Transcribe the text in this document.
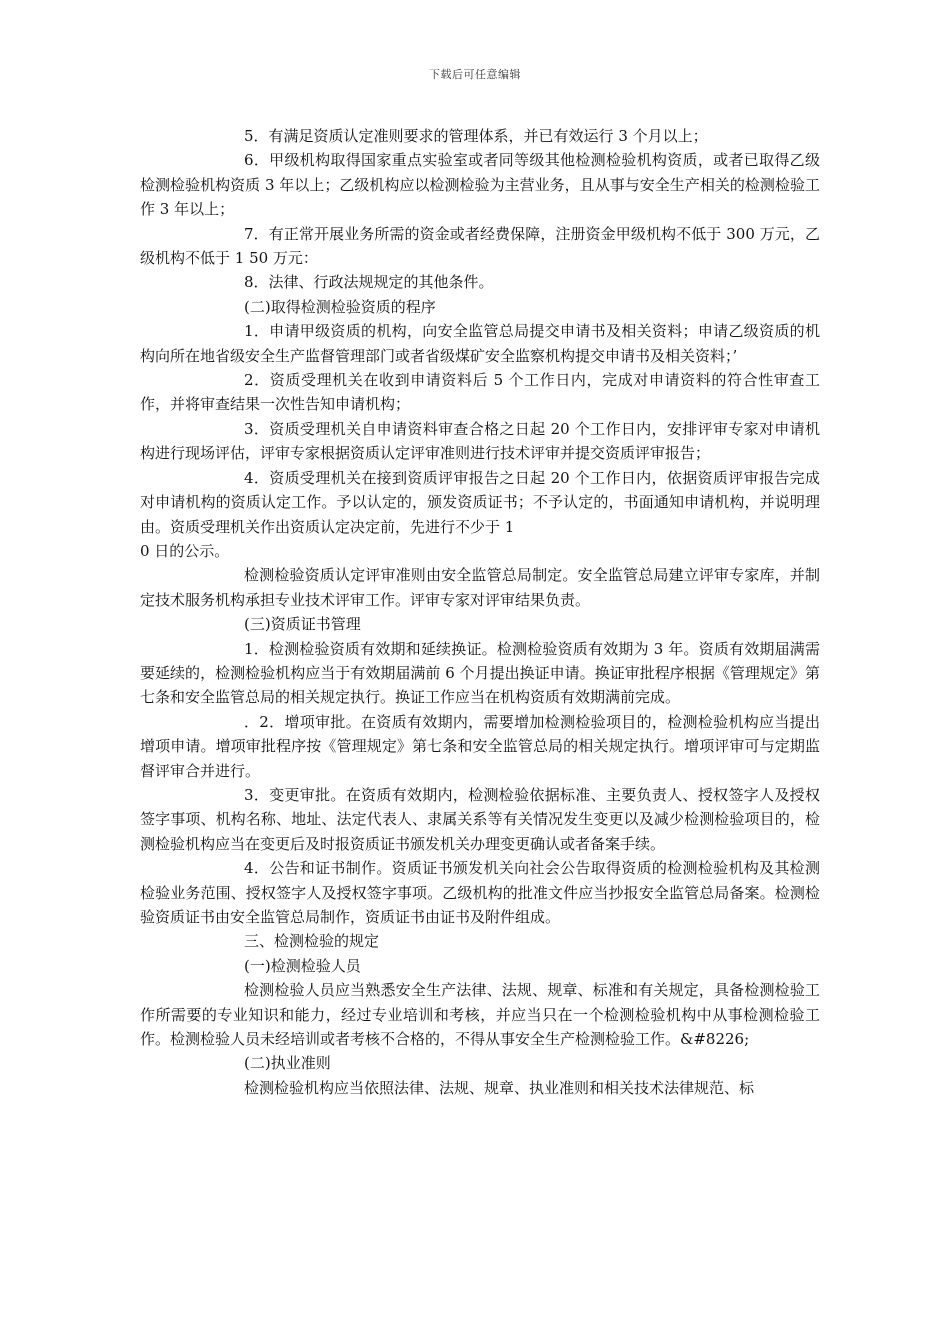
下载后可任意编辑

5．有满足资质认定准则要求的管理体系，并已有效运行 3 个月以上；

6．甲级机构取得国家重点实验室或者同等级其他检测检验机构资质，或者已取得乙级检测检验机构资质 3 年以上；乙级机构应以检测检验为主营业务，且从事与安全生产相关的检测检验工作 3 年以上；

7．有正常开展业务所需的资金或者经费保障，注册资金甲级机构不低于 300 万元，乙级机构不低于 1 50 万元：

8．法律、行政法规规定的其他条件。

(二)取得检测检验资质的程序

1．申请甲级资质的机构，向安全监管总局提交申请书及相关资料；申请乙级资质的机构向所在地省级安全生产监督管理部门或者省级煤矿安全监察机构提交申请书及相关资料；’

2．资质受理机关在收到申请资料后 5 个工作日内，完成对申请资料的符合性审查工作，并将审查结果一次性告知申请机构；

3．资质受理机关自申请资料审查合格之日起 20 个工作日内，安排评审专家对申请机构进行现场评估，评审专家根据资质认定评审准则进行技术评审并提交资质评审报告；

4．资质受理机关在接到资质评审报告之日起 20 个工作日内，依据资质评审报告完成对申请机构的资质认定工作。予以认定的，颁发资质证书；不予认定的，书面通知申请机构，并说明理由。资质受理机关作出资质认定决定前，先进行不少于 1

0 日的公示。

检测检验资质认定评审准则由安全监管总局制定。安全监管总局建立评审专家库，并制定技术服务机构承担专业技术评审工作。评审专家对评审结果负责。

(三)资质证书管理

1．检测检验资质有效期和延续换证。检测检验资质有效期为 3 年。资质有效期届满需要延续的，检测检验机构应当于有效期届满前 6 个月提出换证申请。换证审批程序根据《管理规定》第七条和安全监管总局的相关规定执行。换证工作应当在机构资质有效期满前完成。

．2．增项审批。在资质有效期内，需要增加检测检验项目的，检测检验机构应当提出增项申请。增项审批程序按《管理规定》第七条和安全监管总局的相关规定执行。增项评审可与定期监督评审合并进行。

3．变更审批。在资质有效期内，检测检验依据标准、主要负责人、授权签字人及授权签字事项、机构名称、地址、法定代表人、隶属关系等有关情况发生变更以及减少检测检验项目的，检测检验机构应当在变更后及时报资质证书颁发机关办理变更确认或者备案手续。

4．公告和证书制作。资质证书颁发机关向社会公告取得资质的检测检验机构及其检测检验业务范围、授权签字人及授权签字事项。乙级机构的批准文件应当抄报安全监管总局备案。检测检验资质证书由安全监管总局制作，资质证书由证书及附件组成。

三、检测检验的规定

(一)检测检验人员

检测检验人员应当熟悉安全生产法律、法规、规章、标准和有关规定，具备检测检验工作所需要的专业知识和能力，经过专业培训和考核，并应当只在一个检测检验机构中从事检测检验工作。检测检验人员未经培训或者考核不合格的，不得从事安全生产检测检验工作。&#8226;

(二)执业准则

检测检验机构应当依照法律、法规、规章、执业准则和相关技术法律规范、标
